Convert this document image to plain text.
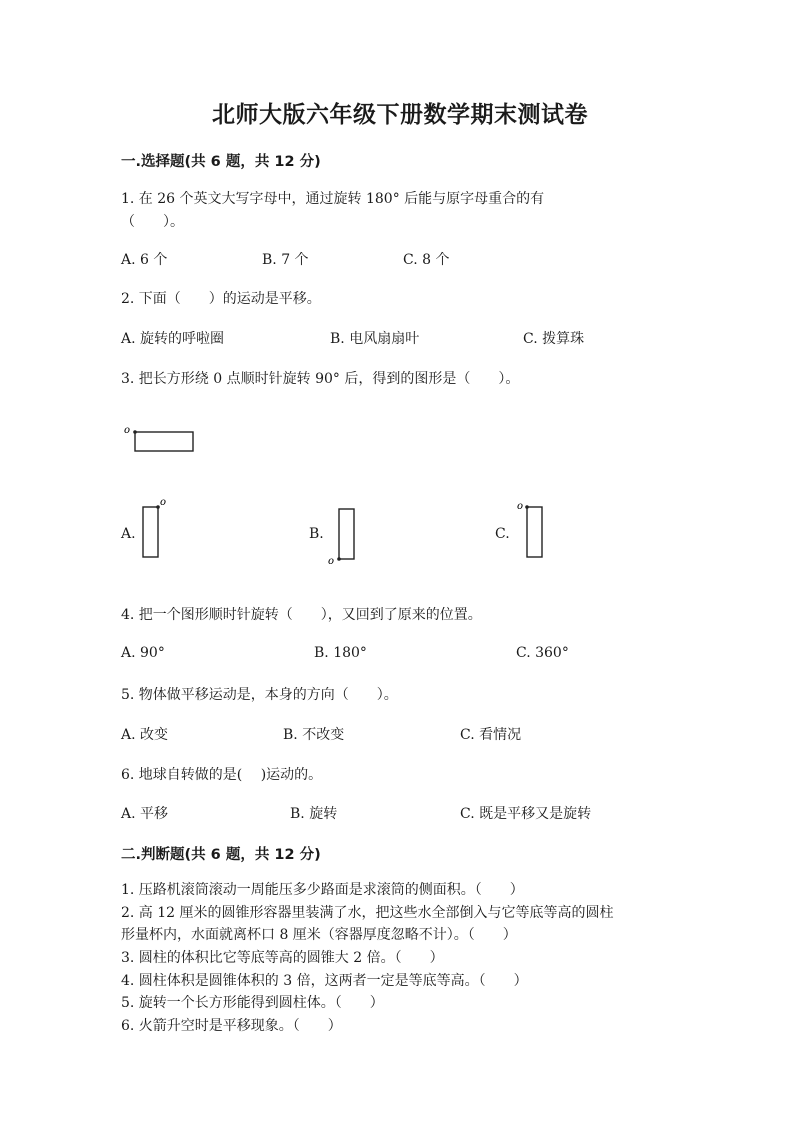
北师大版六年级下册数学期末测试卷
一.选择题(共 6 题，共 12 分)
1. 在 26 个英文大写字母中，通过旋转 180° 后能与原字母重合的有
（　　）。
A. 6 个	B. 7 个	C. 8 个
2. 下面（　　）的运动是平移。
A. 旋转的呼啦圈	B. 电风扇扇叶	C. 拨算珠
3. 把长方形绕 0 点顺时针旋转 90° 后，得到的图形是（　　）。
o
A.
o
B.
o
C.
o
4. 把一个图形顺时针旋转（　　），又回到了原来的位置。
A. 90°	B. 180°	C. 360°
5. 物体做平移运动是，本身的方向（　　）。
A. 改变	B. 不改变	C. 看情况
6. 地球自转做的是(　 )运动的。
A. 平移	B. 旋转	C. 既是平移又是旋转
二.判断题(共 6 题，共 12 分)
1. 压路机滚筒滚动一周能压多少路面是求滚筒的侧面积。（　　）
2. 高 12 厘米的圆锥形容器里装满了水，把这些水全部倒入与它等底等高的圆柱
形量杯内，水面就离杯口 8 厘米（容器厚度忽略不计）。（　　）
3. 圆柱的体积比它等底等高的圆锥大 2 倍。（　　）
4. 圆柱体积是圆锥体积的 3 倍，这两者一定是等底等高。（　　）
5. 旋转一个长方形能得到圆柱体。（　　）
6. 火箭升空时是平移现象。（　　）
